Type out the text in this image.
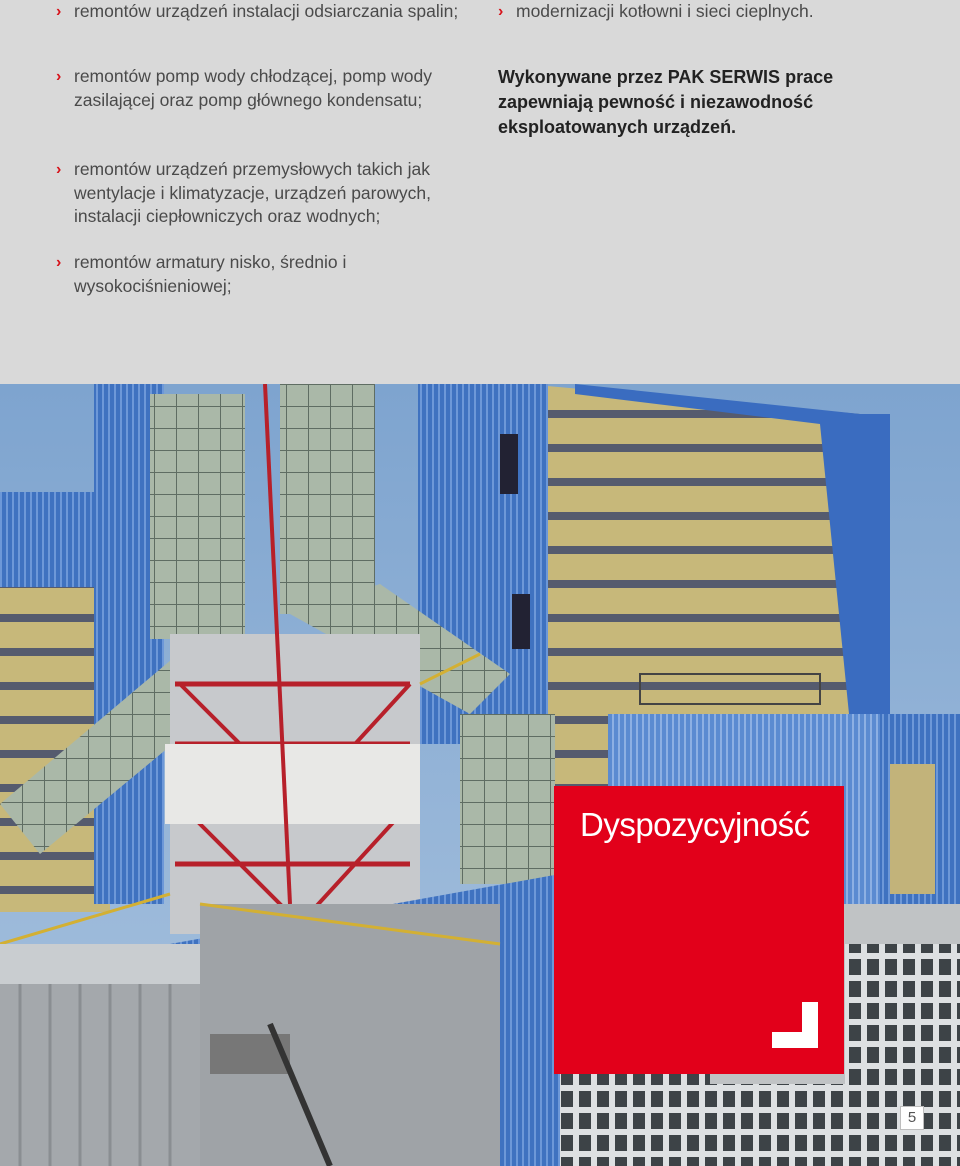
› remontów urządzeń instalacji odsiarczania spalin;
› remontów pomp wody chłodzącej, pomp wody zasilającej oraz pomp głównego kondensatu;
› remontów urządzeń przemysłowych takich jak wentylacje i klimatyzacje, urządzeń parowych, instalacji ciepłowniczych oraz wodnych;
› remontów armatury nisko, średnio i wysokociśnieniowej;
› modernizacji kotłowni i sieci cieplnych.
Wykonywane przez PAK SERWIS prace zapewniają pewność i niezawodność eksploatowanych urządzeń.
Dyspozycyjność
5
